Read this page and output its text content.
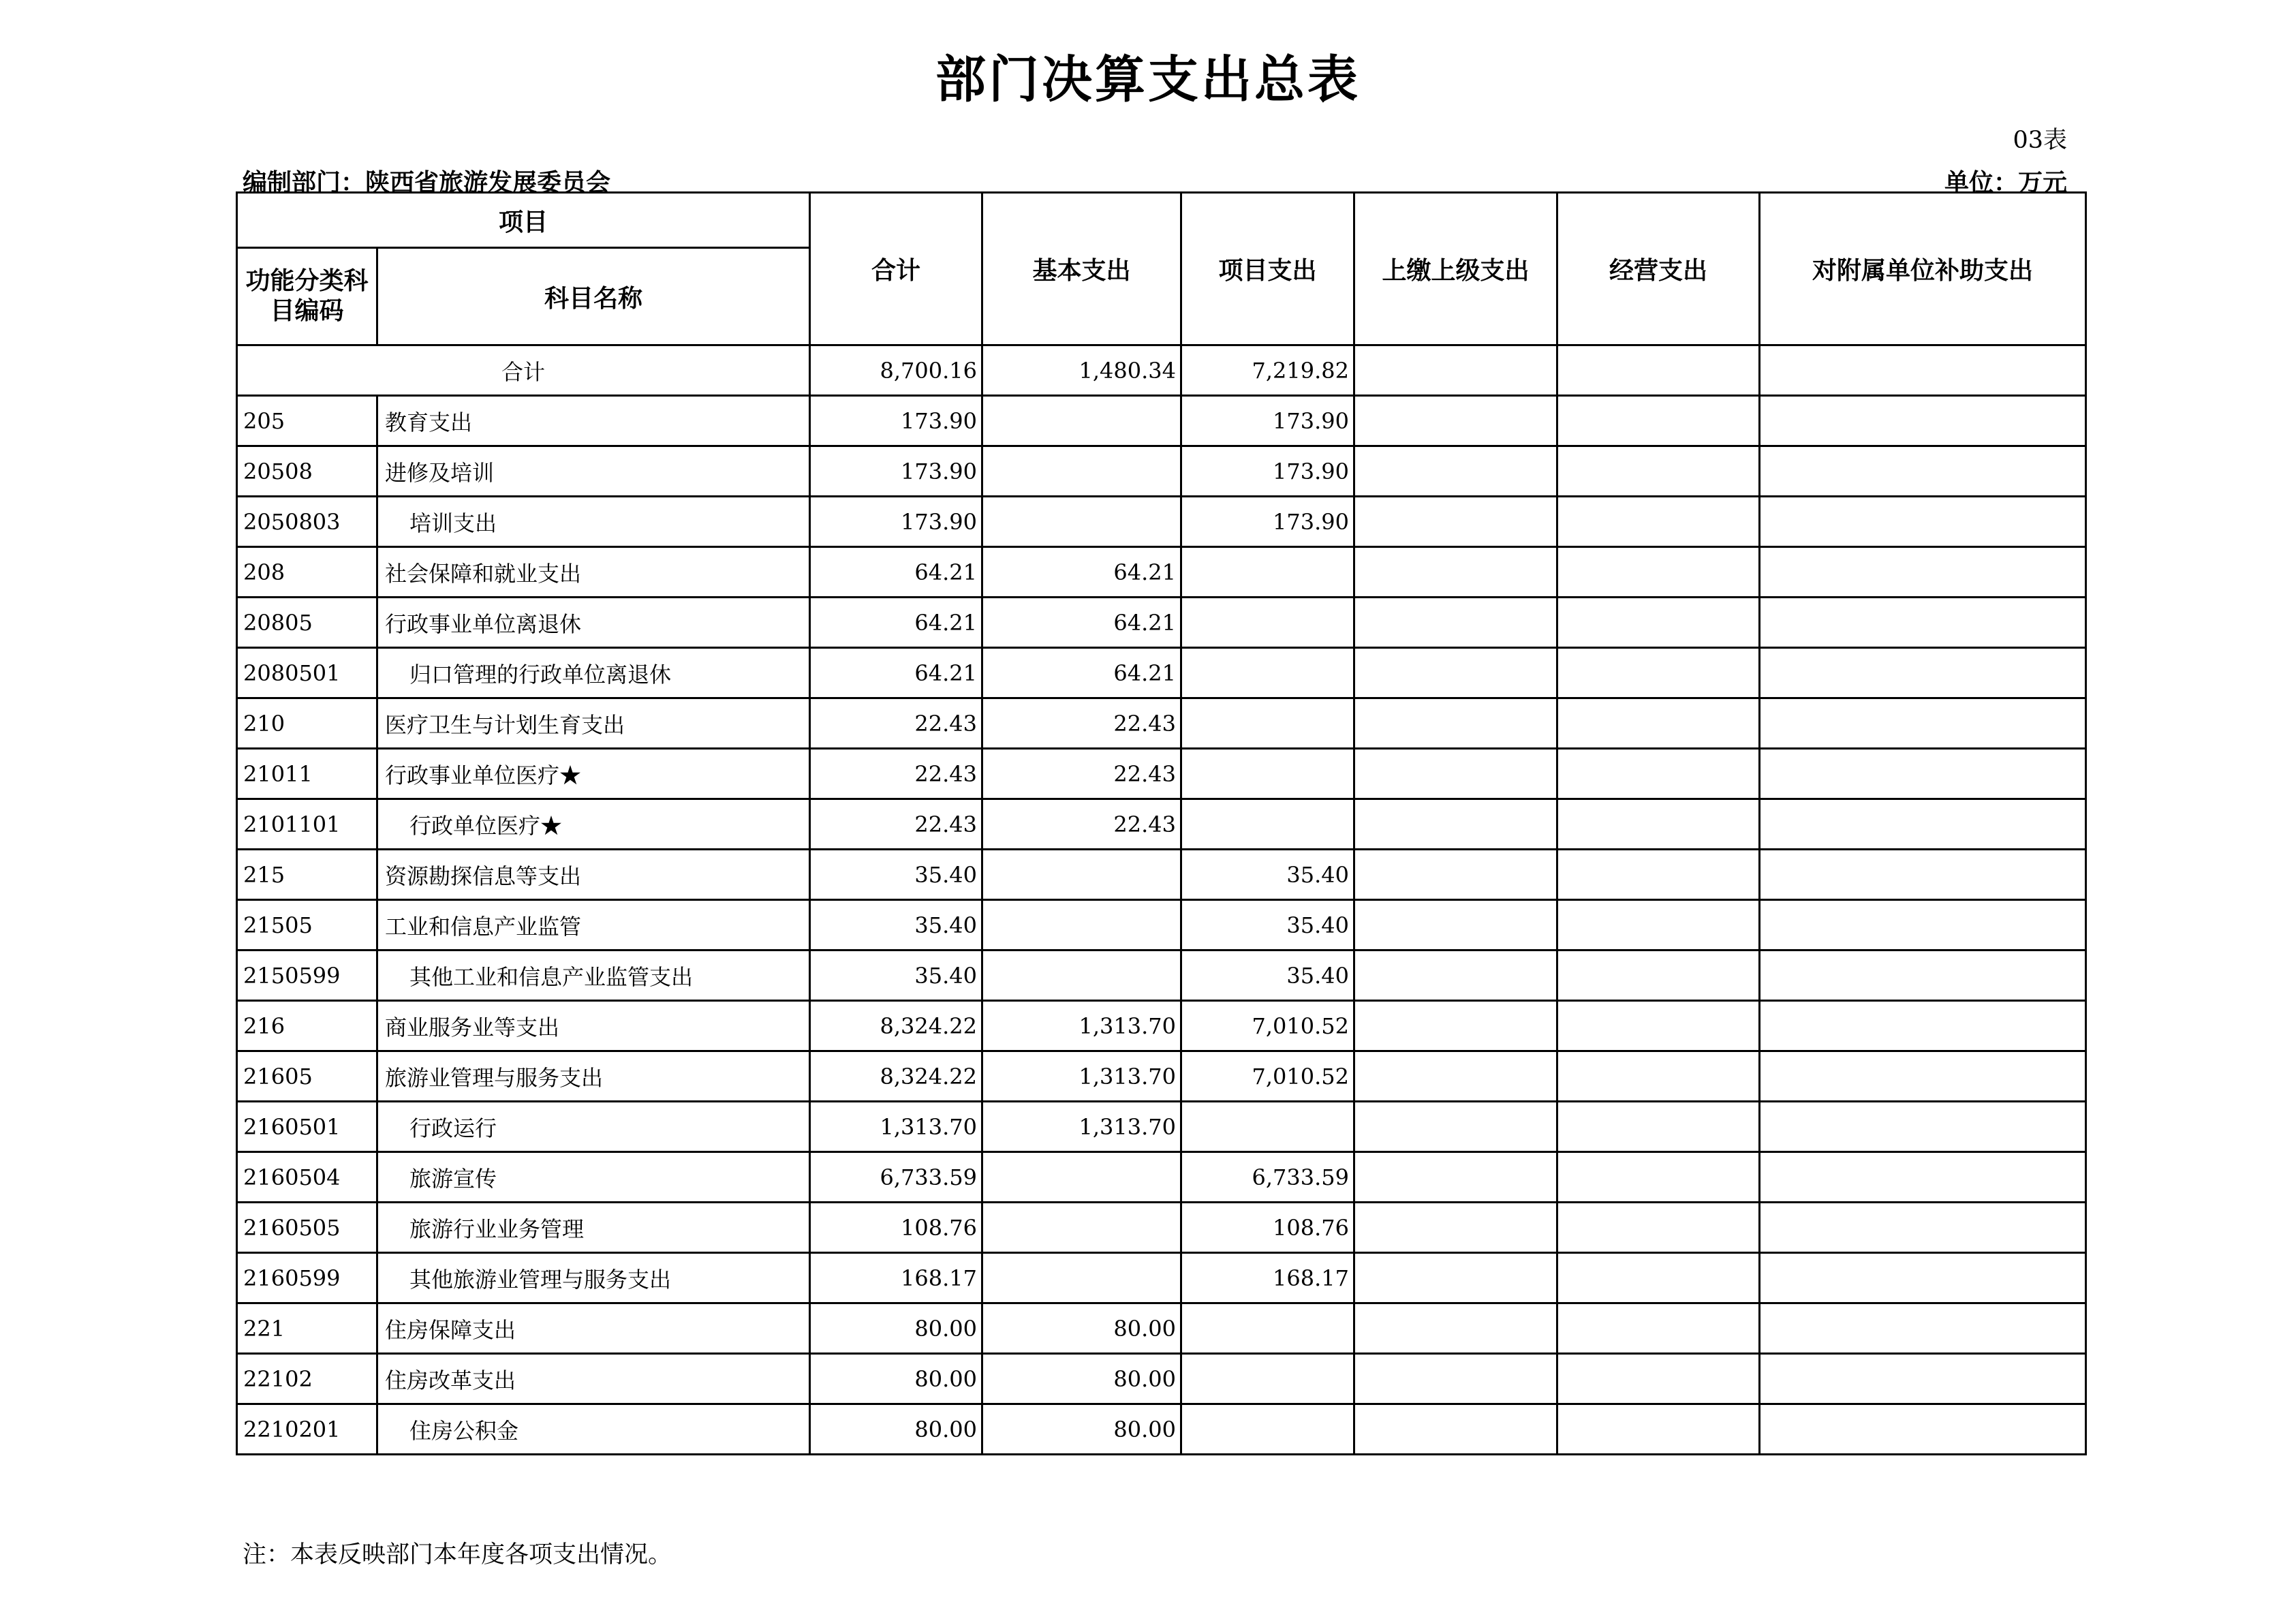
部门决算支出总表
03表
编制部门：陕西省旅游发展委员会	单位：万元
项目		合计	基本支出	项目支出	上缴上级支出	经营支出	对附属单位补助支出
功能分类科目编码	科目名称						
合计		8,700.16	1,480.34	7,219.82			
205	教育支出	173.90		173.90			
20508	进修及培训	173.90		173.90			
2050803	培训支出	173.90		173.90			
208	社会保障和就业支出	64.21	64.21				
20805	行政事业单位离退休	64.21	64.21				
2080501	归口管理的行政单位离退休	64.21	64.21				
210	医疗卫生与计划生育支出	22.43	22.43				
21011	行政事业单位医疗★	22.43	22.43				
2101101	行政单位医疗★	22.43	22.43				
215	资源勘探信息等支出	35.40		35.40			
21505	工业和信息产业监管	35.40		35.40			
2150599	其他工业和信息产业监管支出	35.40		35.40			
216	商业服务业等支出	8,324.22	1,313.70	7,010.52			
21605	旅游业管理与服务支出	8,324.22	1,313.70	7,010.52			
2160501	行政运行	1,313.70	1,313.70				
2160504	旅游宣传	6,733.59		6,733.59			
2160505	旅游行业业务管理	108.76		108.76			
2160599	其他旅游业管理与服务支出	168.17		168.17			
221	住房保障支出	80.00	80.00				
22102	住房改革支出	80.00	80.00				
2210201	住房公积金	80.00	80.00				
注：本表反映部门本年度各项支出情况。
